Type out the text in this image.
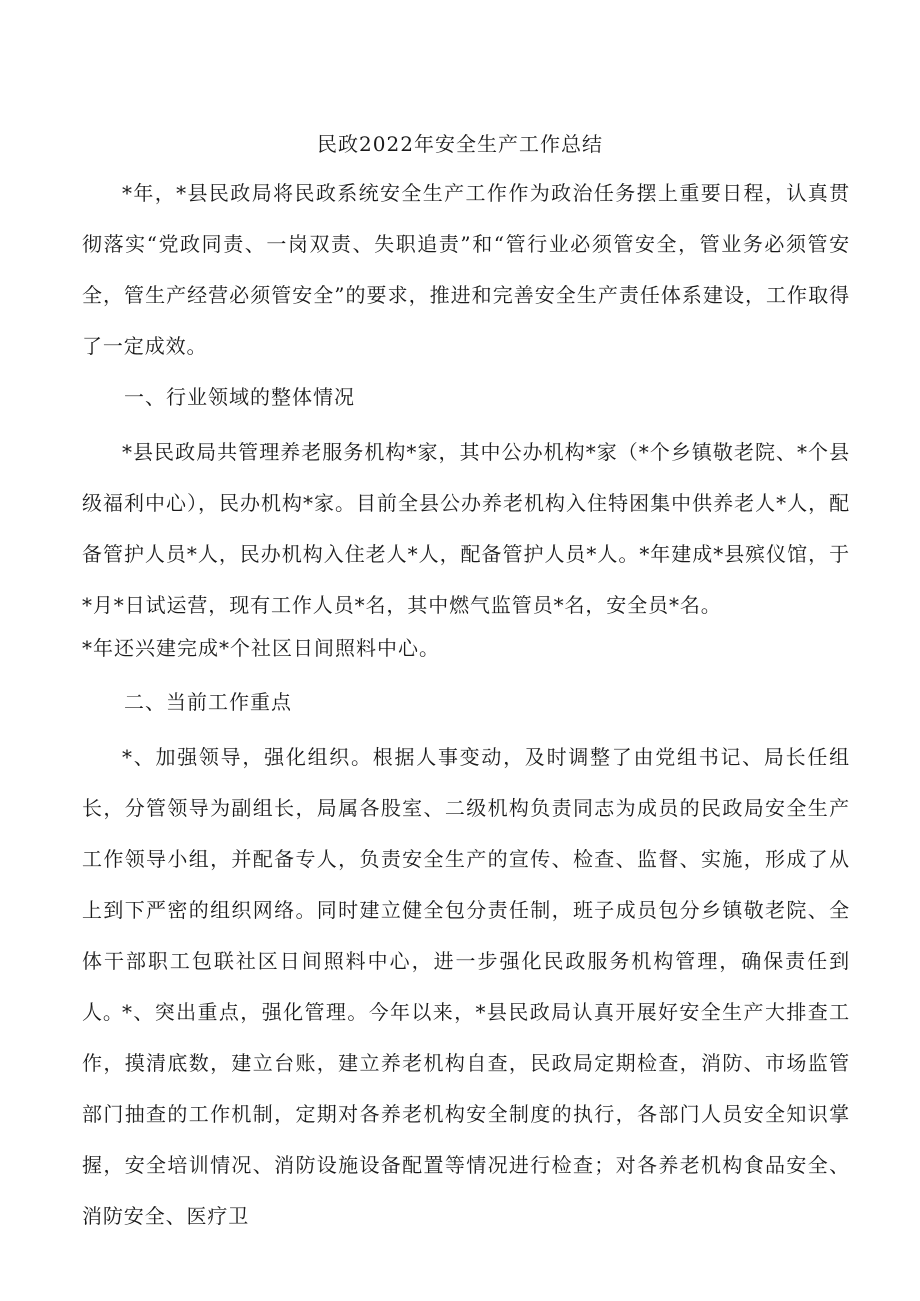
民政2022年安全生产工作总结
*年，*县民政局将民政系统安全生产工作作为政治任务摆上重要日程，认真贯彻落实“党政同责、一岗双责、失职追责”和“管行业必须管安全，管业务必须管安全，管生产经营必须管安全”的要求，推进和完善安全生产责任体系建设，工作取得了一定成效。
一、行业领域的整体情况
*县民政局共管理养老服务机构*家，其中公办机构*家（*个乡镇敬老院、*个县级福利中心），民办机构*家。目前全县公办养老机构入住特困集中供养老人*人，配备管护人员*人，民办机构入住老人*人，配备管护人员*人。*年建成*县殡仪馆，于*月*日试运营，现有工作人员*名，其中燃气监管员*名，安全员*名。
*年还兴建完成*个社区日间照料中心。
二、当前工作重点
*、加强领导，强化组织。根据人事变动，及时调整了由党组书记、局长任组长，分管领导为副组长，局属各股室、二级机构负责同志为成员的民政局安全生产工作领导小组，并配备专人，负责安全生产的宣传、检查、监督、实施，形成了从上到下严密的组织网络。同时建立健全包分责任制，班子成员包分乡镇敬老院、全体干部职工包联社区日间照料中心，进一步强化民政服务机构管理，确保责任到人。
*、突出重点，强化管理。今年以来，*县民政局认真开展好安全生产大排查工作，摸清底数，建立台账，建立养老机构自查，民政局定期检查，消防、市场监管部门抽查的工作机制，定期对各养老机构安全制度的执行，各部门人员安全知识掌握，安全培训情况、消防设施设备配置等情况进行检查；对各养老机构食品安全、消防安全、医疗卫
